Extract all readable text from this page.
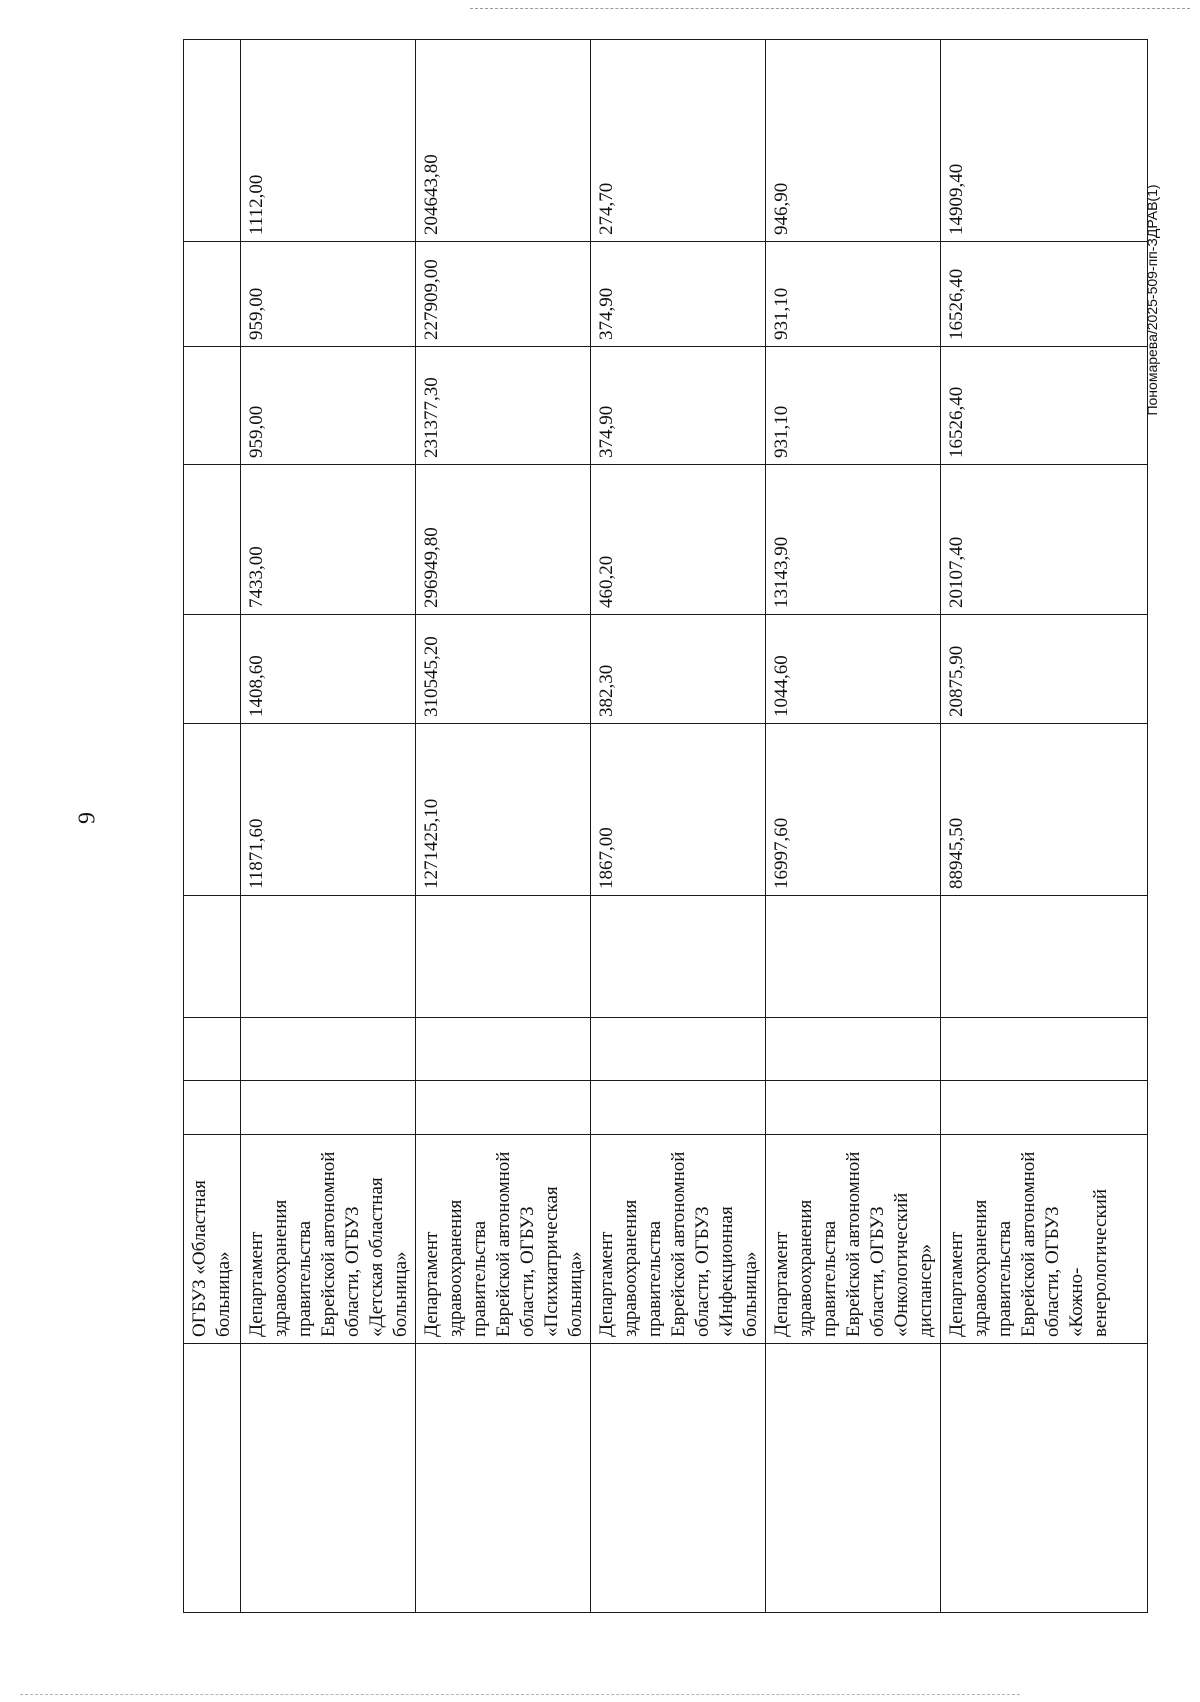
9
	ОГБУЗ «Областная больница»									
	Департамент здравоохранения правительства Еврейской автономной области, ОГБУЗ «Детская областная больница»				11871,60	1408,60	7433,00	959,00	959,00	1112,00
	Департамент здравоохранения правительства Еврейской автономной области, ОГБУЗ «Психиатрическая больница»				1271425,10	310545,20	296949,80	231377,30	227909,00	204643,80
	Департамент здравоохранения правительства Еврейской автономной области, ОГБУЗ «Инфекционная больница»				1867,00	382,30	460,20	374,90	374,90	274,70
	Департамент здравоохранения правительства Еврейской автономной области, ОГБУЗ «Онкологический диспансер»				16997,60	1044,60	13143,90	931,10	931,10	946,90
	Департамент здравоохранения правительства Еврейской автономной области, ОГБУЗ «Кожно-венерологический				88945,50	20875,90	20107,40	16526,40	16526,40	14909,40	Пономарева/2025-509-пп-ЗДРАВ(1)
